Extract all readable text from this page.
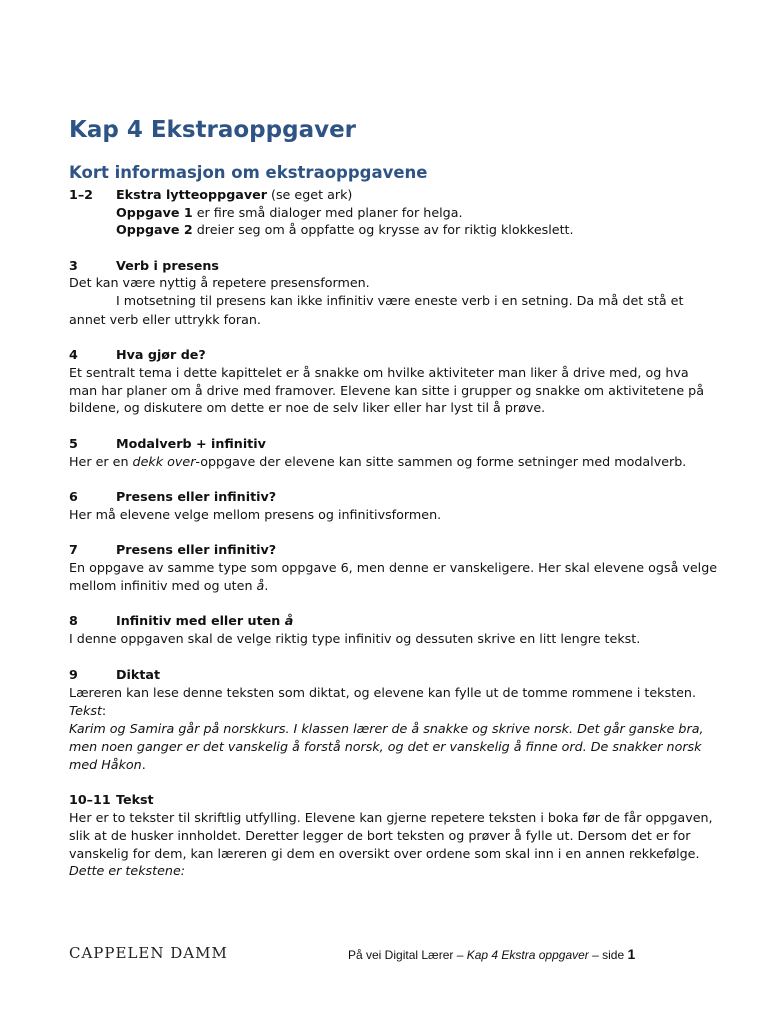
Kap 4 Ekstraoppgaver
Kort informasjon om ekstraoppgavene
1–2 Ekstra lytteoppgaver (se eget ark)
Oppgave 1 er fire små dialoger med planer for helga.
Oppgave 2 dreier seg om å oppfatte og krysse av for riktig klokkeslett.
3	Verb i presens
Det kan være nyttig å repetere presensformen.
I motsetning til presens kan ikke infinitiv være eneste verb i en setning. Da må det stå et
annet verb eller uttrykk foran.
4	Hva gjør de?
Et sentralt tema i dette kapittelet er å snakke om hvilke aktiviteter man liker å drive med, og hva
man har planer om å drive med framover. Elevene kan sitte i grupper og snakke om aktivitetene på
bildene, og diskutere om dette er noe de selv liker eller har lyst til å prøve.
5	Modalverb + infinitiv
Her er en dekk over-oppgave der elevene kan sitte sammen og forme setninger med modalverb.
6	Presens eller infinitiv?
Her må elevene velge mellom presens og infinitivsformen.
7	Presens eller infinitiv?
En oppgave av samme type som oppgave 6, men denne er vanskeligere. Her skal elevene også velge
mellom infinitiv med og uten å.
8	Infinitiv med eller uten å
I denne oppgaven skal de velge riktig type infinitiv og dessuten skrive en litt lengre tekst.
9	Diktat
Læreren kan lese denne teksten som diktat, og elevene kan fylle ut de tomme rommene i teksten.
Tekst:
Karim og Samira går på norskkurs. I klassen lærer de å snakke og skrive norsk. Det går ganske bra,
men noen ganger er det vanskelig å forstå norsk, og det er vanskelig å finne ord. De snakker norsk
med Håkon.
10–11 Tekst
Her er to tekster til skriftlig utfylling. Elevene kan gjerne repetere teksten i boka før de får oppgaven,
slik at de husker innholdet. Deretter legger de bort teksten og prøver å fylle ut. Dersom det er for
vanskelig for dem, kan læreren gi dem en oversikt over ordene som skal inn i en annen rekkefølge.
Dette er tekstene:
CAPPELEN DAMM	På vei Digital Lærer – Kap 4 Ekstra oppgaver – side 1
